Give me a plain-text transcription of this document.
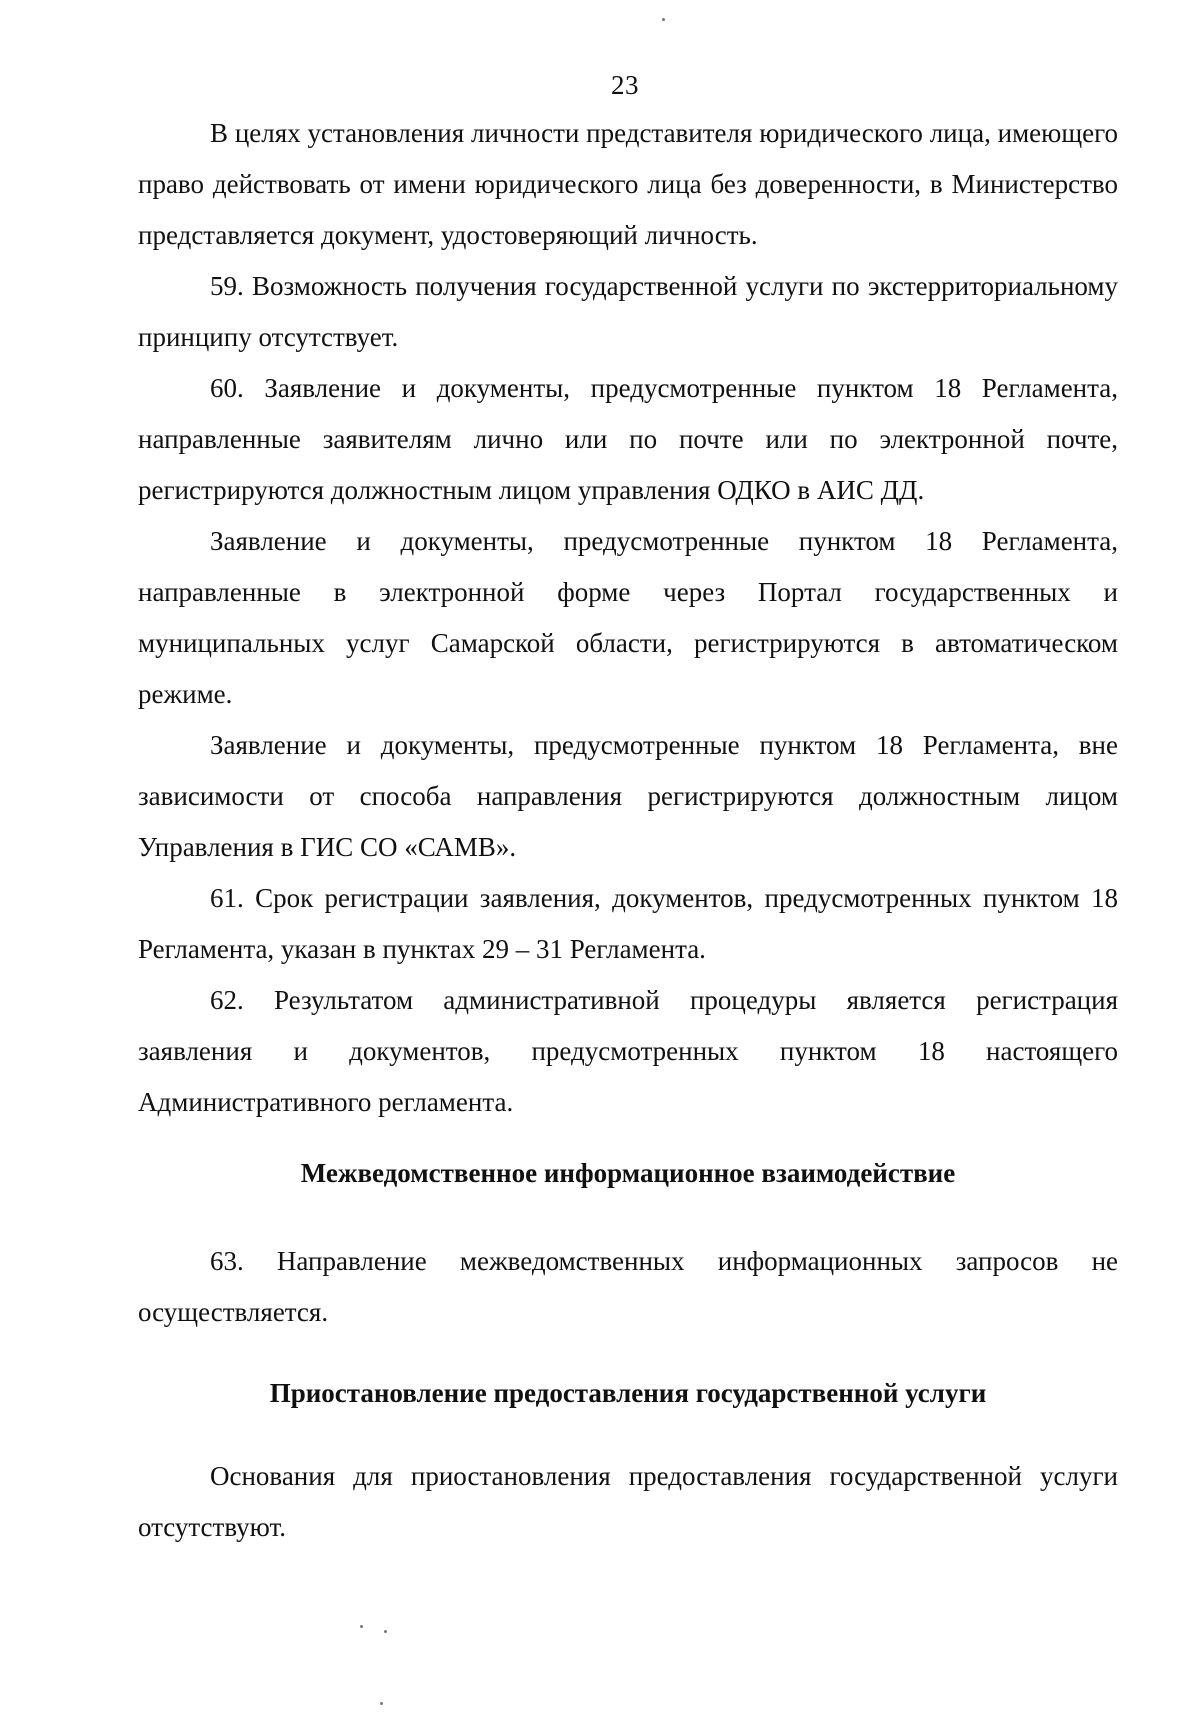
23

В целях установления личности представителя юридического лица, имеющего право действовать от имени юридического лица без доверенности, в Министерство представляется документ, удостоверяющий личность.

59. Возможность получения государственной услуги по экстерриториальному принципу отсутствует.

60. Заявление и документы, предусмотренные пунктом 18 Регламента, направленные заявителям лично или по почте или по электронной почте, регистрируются должностным лицом управления ОДКО в АИС ДД.

Заявление и документы, предусмотренные пунктом 18 Регламента, направленные в электронной форме через Портал государственных и муниципальных услуг Самарской области, регистрируются в автоматическом режиме.

Заявление и документы, предусмотренные пунктом 18 Регламента, вне зависимости от способа направления регистрируются должностным лицом Управления в ГИС СО «САМВ».

61. Срок регистрации заявления, документов, предусмотренных пунктом 18 Регламента, указан в пунктах 29 – 31 Регламента.

62. Результатом административной процедуры является регистрация заявления и документов, предусмотренных пунктом 18 настоящего Административного регламента.

Межведомственное информационное взаимодействие

63. Направление межведомственных информационных запросов не осуществляется.

Приостановление предоставления государственной услуги

Основания для приостановления предоставления государственной услуги отсутствуют.
